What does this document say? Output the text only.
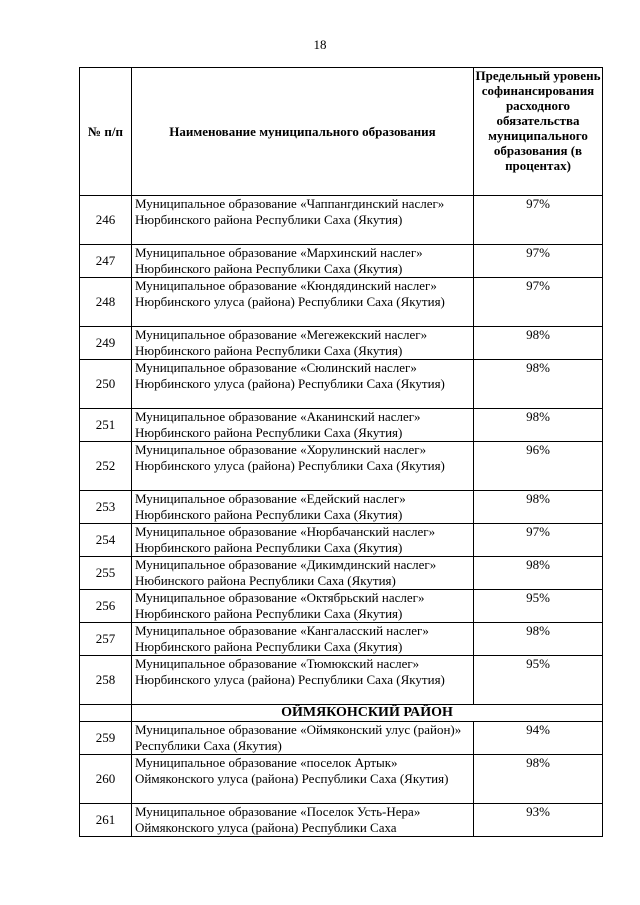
18
№ п/п	Наименование муниципального образования	Предельный уровень софинансирования расходного обязательства муниципального образования (в процентах)
246	Муниципальное образование «Чаппангдинский наслег» Нюрбинского района Республики Саха (Якутия)	97%
247	Муниципальное образование «Мархинский наслег» Нюрбинского района Республики Саха (Якутия)	97%
248	Муниципальное образование «Кюндядинский наслег» Нюрбинского улуса (района) Республики Саха (Якутия)	97%
249	Муниципальное образование «Мегежекский наслег» Нюрбинского района Республики Саха (Якутия)	98%
250	Муниципальное образование «Сюлинский наслег» Нюрбинского улуса (района) Республики Саха (Якутия)	98%
251	Муниципальное образование «Аканинский наслег» Нюрбинского района Республики Саха (Якутия)	98%
252	Муниципальное образование «Хорулинский наслег» Нюрбинского улуса (района) Республики Саха (Якутия)	96%
253	Муниципальное образование «Едейский наслег» Нюрбинского района Республики Саха (Якутия)	98%
254	Муниципальное образование «Нюрбачанский наслег» Нюрбинского района Республики Саха (Якутия)	97%
255	Муниципальное образование «Дикимдинский наслег» Нюбинского района Республики Саха (Якутия)	98%
256	Муниципальное образование «Октябрьский наслег» Нюрбинского района Республики Саха (Якутия)	95%
257	Муниципальное образование «Кангаласский наслег» Нюрбинского района Республики Саха (Якутия)	98%
258	Муниципальное образование «Тюмюкский наслег» Нюрбинского улуса (района) Республики Саха (Якутия)	95%
	ОЙМЯКОНСКИЙ РАЙОН	
259	Муниципальное образование «Оймяконский улус (район)» Республики Саха (Якутия)	94%
260	Муниципальное образование «поселок Артык» Оймяконского улуса (района) Республики Саха (Якутия)	98%
261	Муниципальное образование «Поселок Усть-Нера» Оймяконского улуса (района) Республики Саха	93%
